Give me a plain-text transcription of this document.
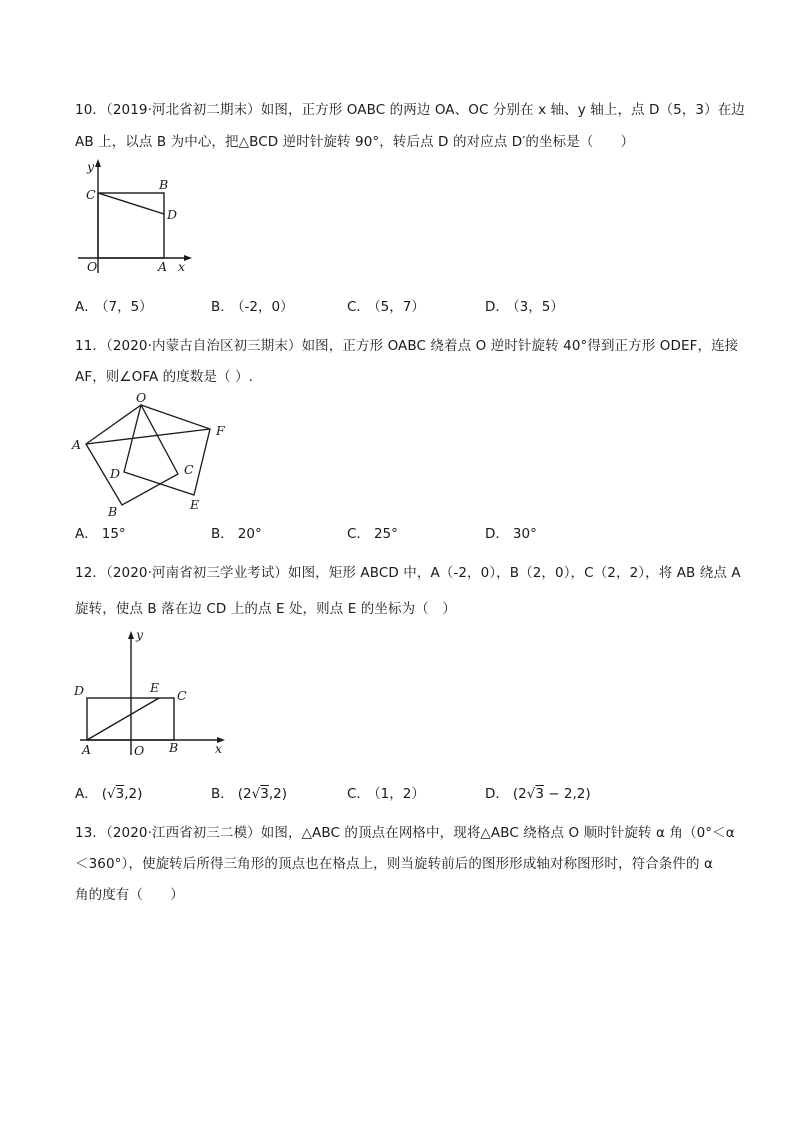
10．（2019·河北省初二期末）如图，正方形 OABC 的两边 OA、OC 分别在 x 轴、y 轴上，点 D（5，3）在边
AB 上，以点 B 为中心，把△BCD 逆时针旋转 90°，转后点 D 的对应点 D′的坐标是（　　）
y
x
C
B
D
O	A
A． （7，5）	B． （-2，0）	C． （5，7）	D． （3，5）
11．（2020·内蒙古自治区初三期末）如图，正方形 OABC 绕着点 O 逆时针旋转 40°得到正方形 ODEF，连接
AF，则∠OFA 的度数是（ ）.
O
A
F
D	C
B	E
A． 15°	B． 20°	C． 25°	D． 30°
12．（2020·河南省初三学业考试）如图，矩形 ABCD 中，A（-2，0），B（2，0），C（2，2），将 AB 绕点 A
旋转，使点 B 落在边 CD 上的点 E 处，则点 E 的坐标为（　）
y
x
D	E
C
A	O B
A． (√3,2)	B． (2√3,2)	C． （1，2）	D． (2√3 − 2,2)
13．（2020·江西省初三二模）如图，△ABC 的顶点在网格中，现将△ABC 绕格点 O 顺时针旋转 α 角（0°＜α
＜360°），使旋转后所得三角形的顶点也在格点上，则当旋转前后的图形形成轴对称图形时，符合条件的 α
角的度有（　　）
